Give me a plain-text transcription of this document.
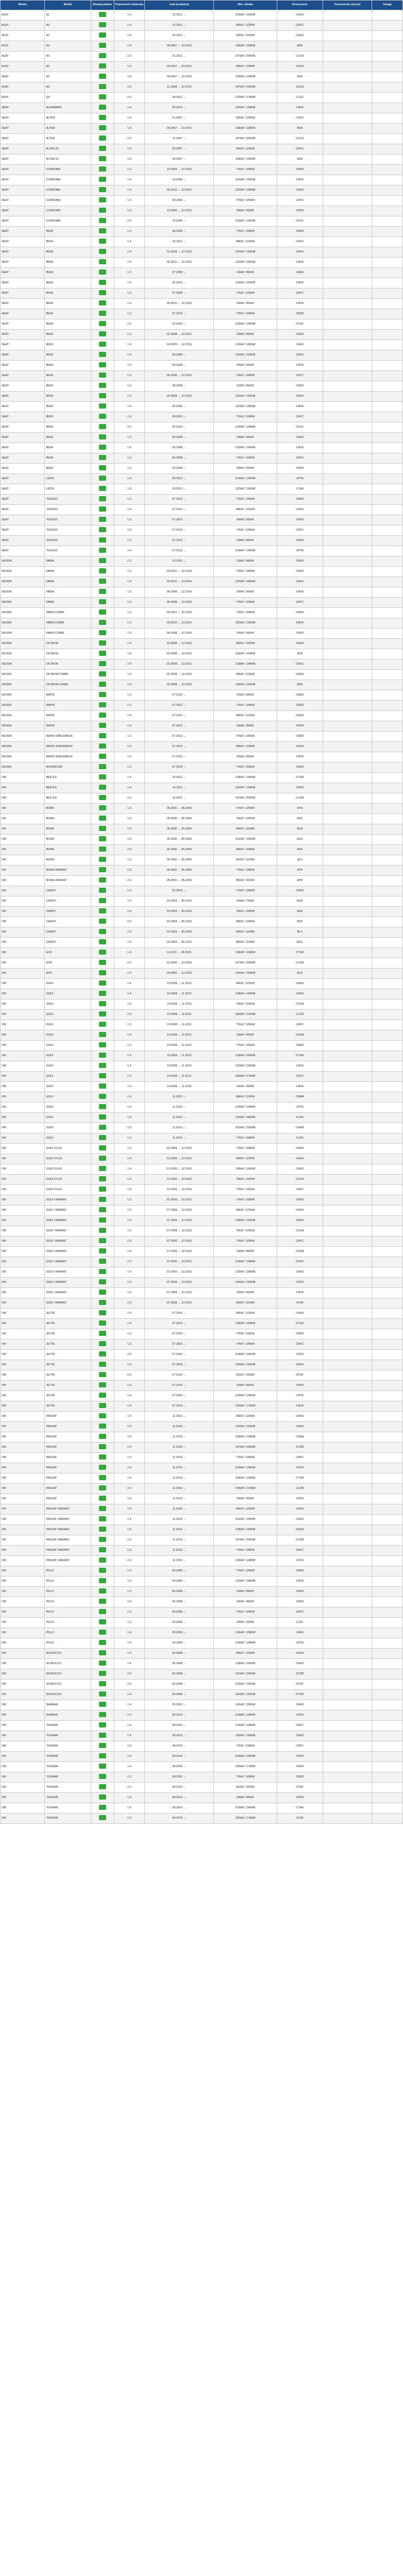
Marka	Model	Rodzaj paliwa	Pojemność skokowa	Lata produkcji	Moc silnika	Oznaczenie	Oznaczenie skrzyni	Uwagi
AUDI	A1		1.4	01.2011 →	119kW / 160KM	CAVG		
AUDI	A3		1.4	01.2011 →	90kW / 122KM	CAXC		
AUDI	A3		1.4	01.2011 →	92kW / 125KM	CAXA		
AUDI	A3		1.8	08.2007 → 12.2013	118kW / 160KM	BZB		
AUDI	A3		2.0	01.2011 →	147kW / 200KM	CCZA		
AUDI	A3		1.4	09.2007 → 03.2013	92kW / 125KM	CAXA		
AUDI	A3		1.8	08.2007 → 12.2013	118kW / 160KM	BZB		
AUDI	A3		2.0	11.2008 → 12.2013	147kW / 200KM	CCZA		
AUDI	Q3		2.0	06.2011 →	125kW / 170KM	CCZC		
SEAT	ALHAMBRA		1.4	06.2010 →	110kW / 150KM	CAVA		
SEAT	ALTEA		1.4	01.2007 →	92kW / 125KM	CAXC		
SEAT	ALTEA		1.8	09.2007 → 12.2015	118kW / 160KM	BZB		
SEAT	ALTEA		2.0	11.2007 →	147kW / 200KM	CCZA		
SEAT	ALTEA XL		1.4	06.2007 →	92kW / 125KM	CAXC		
SEAT	ALTEA XL		1.8	08.2007 →	118kW / 160KM	BZB		
SEAT	CORDOBA		1.2	10.2009 → 12.2013	77kW / 105KM	CBZB		
SEAT	CORDOBA		1.4	10.2009 →	110kW / 150KM	CAVE		
SEAT	CORDOBA		1.4	06.2010 → 12.2013	132kW / 180KM	CAVE		
SEAT	CORDOBA		1.6	08.2009 →	77kW / 105KM	CAYC		
SEAT	CORDOBA		1.6	10.2009 → 12.2013	66kW / 90KM	CAYB		
SEAT	CORDOBA		2.0	10.2009 →	103kW / 140KM	CFHC		
SEAT	IBIZA		1.2	08.2009 →	77kW / 105KM	CBZB		
SEAT	IBIZA		1.4	02.2011 →	90kW / 122KM	CAXC		
SEAT	IBIZA		1.4	01.2008 → 12.2013	110kW / 150KM	CAVE		
SEAT	IBIZA		1.4	06.2010 → 12.2015	132kW / 180KM	CAVE		
SEAT	IBIZA		1.2	07.2008 →	63kW / 86KM	CBZA		
SEAT	IBIZA		1.4	05.2010 →	110kW / 150KM	CAVE		
SEAT	IBIZA		1.6	07.2008 →	77kW / 105KM	CAYC		
SEAT	IBIZA		1.6	05.2010 → 12.2015	66kW / 90KM	CAYB		
SEAT	IBIZA		1.2	07.2010 →	77kW / 105KM	CBZB		
SEAT	IBIZA		2.0	02.2010 →	103kW / 140KM	CFHC		
SEAT	IBIZA		1.2	02.2008 → 12.2013	63kW / 86KM	CBZA		
SEAT	IBIZA		1.4	02.2009 → 12.2015	132kW / 180KM	CAVE		
SEAT	IBIZA		1.4	05.2009 →	110kW / 150KM	CAVE		
SEAT	IBIZA		1.6	06.2008 →	66kW / 90KM	CAYB		
SEAT	IBIZA		1.6	06.2008 → 12.2013	77kW / 105KM	CAYC		
SEAT	IBIZA		1.2	08.2009 →	63kW / 86KM	CBZA		
SEAT	IBIZA		1.4	02.2009 → 12.2015	110kW / 150KM	CAVE		
SEAT	IBIZA		1.4	05.2009 →	132kW / 180KM	CAVE		
SEAT	IBIZA		1.6	08.2010 →	77kW / 105KM	CAYC		
SEAT	IBIZA		2.0	05.2010 →	103kW / 140KM	CFHC		
SEAT	IBIZA		1.2	06.2008 →	63kW / 86KM	CBZA		
SEAT	IBIZA		1.4	06.2008 →	110kW / 150KM	CAVE		
SEAT	IBIZA		1.6	06.2008 →	77kW / 105KM	CAYC		
SEAT	IBIZA		1.6	06.2008 →	66kW / 90KM	CAYB		
SEAT	LEON		1.4	09.2012 →	103kW / 140KM	CPTA		
SEAT	LEON		1.8	09.2012 →	132kW / 180KM	CJSA		
SEAT	TOLEDO		1.2	07.2012 →	77kW / 105KM	CBZB		
SEAT	TOLEDO		1.4	07.2012 →	90kW / 122KM	CAXA		
SEAT	TOLEDO		1.6	07.2012 →	66kW / 90KM	CAYB		
SEAT	TOLEDO		1.6	07.2012 →	77kW / 105KM	CAYC		
SEAT	TOLEDO		1.2	07.2012 →	63kW / 86KM	CBZA		
SEAT	TOLEDO		1.4	07.2012 →	103kW / 140KM	CPTA		
SKODA	FABIA		1.2	10.2010 →	63kW / 86KM	CBZA		
SKODA	FABIA		1.2	03.2010 → 12.2014	77kW / 105KM	CBZB		
SKODA	FABIA		1.4	03.2010 → 12.2014	132kW / 180KM	CAVE		
SKODA	FABIA		1.6	04.2008 → 12.2014	66kW / 90KM	CAYB		
SKODA	FABIA		1.6	04.2008 → 12.2014	77kW / 105KM	CAYC		
SKODA	FABIA COMBI		1.2	03.2010 → 12.2014	77kW / 105KM	CBZB		
SKODA	FABIA COMBI		1.4	03.2010 → 12.2014	132kW / 180KM	CAVE		
SKODA	FABIA COMBI		1.6	04.2008 → 12.2014	66kW / 90KM	CAYB		
SKODA	OCTAVIA		1.4	02.2008 → 12.2013	90kW / 122KM	CAXA		
SKODA	OCTAVIA		1.8	02.2008 → 12.2013	118kW / 160KM	BZB		
SKODA	OCTAVIA		2.0	02.2008 → 12.2013	103kW / 140KM	CFHC		
SKODA	OCTAVIA COMBI		1.4	02.2008 → 12.2013	90kW / 122KM	CAXA		
SKODA	OCTAVIA COMBI		1.8	02.2008 → 12.2013	118kW / 160KM	BZB		
SKODA	RAPID		1.2	07.2012 →	63kW / 86KM	CBZA		
SKODA	RAPID		1.2	07.2012 →	77kW / 105KM	CBZB		
SKODA	RAPID		1.4	07.2012 →	90kW / 122KM	CAXA		
SKODA	RAPID		1.6	07.2012 →	66kW / 90KM	CAYB		
SKODA	RAPID SPACEBACK		1.2	07.2012 →	77kW / 105KM	CBZB		
SKODA	RAPID SPACEBACK		1.4	07.2012 →	90kW / 122KM	CAXA		
SKODA	RAPID SPACEBACK		1.6	07.2012 →	66kW / 90KM	CAYB		
SKODA	ROOMSTER		1.2	07.2010 →	77kW / 105KM	CBZB		
VW	BEETLE		1.4	10.2011 →	118kW / 160KM	CTHD		
VW	BEETLE		1.4	10.2011 →	110kW / 150KM	CAVD		
VW	BEETLE		2.0	10.2011 →	147kW / 200KM	CCZB		
VW	BORA		1.6	05.2000 → 05.2005	77kW / 105KM	ATN		
VW	BORA		1.6	05.2000 → 05.2005	74kW / 100KM	AZD		
VW	BORA		1.6	05.2000 → 05.2005	85kW / 115KM	BCB		
VW	BORA		1.8	05.2000 → 05.2005	110kW / 150KM	AGU		
VW	BORA		2.0	05.2000 → 05.2005	85kW / 115KM	APK		
VW	BORA		1.6	05.2000 → 05.2005	81kW / 110KM	AZJ		
VW	BORA VARIANT		1.6	05.2000 → 05.2005	77kW / 105KM	ATN		
VW	BORA VARIANT		2.0	05.2000 → 05.2005	85kW / 115KM	APK		
VW	CADDY		1.2	02.2010 →	77kW / 105KM	CBZB		
VW	CADDY		1.4	02.2004 → 05.2010	55kW / 75KM	BUD		
VW	CADDY		1.6	02.2004 → 05.2010	75kW / 102KM	BSE		
VW	CADDY		2.0	02.2004 → 05.2010	80kW / 109KM	BSX		
VW	CADDY		2.0	02.2004 → 05.2010	85kW / 115KM	BLX		
VW	CADDY		1.6	02.2004 → 05.2010	85kW / 115KM	BGU		
VW	EOS		1.4	11.2011 → 05.2015	118kW / 160KM	CTHD		
VW	EOS		2.0	03.2006 → 12.2015	147kW / 200KM	CCZB		
VW	EOS		2.0	03.2006 → 12.2015	110kW / 150KM	BLR		
VW	GOLF		1.4	10.2008 → 11.2012	90kW / 122KM	CAXA		
VW	GOLF		1.4	10.2008 → 11.2012	118kW / 160KM	CAVD		
VW	GOLF		1.6	10.2008 → 11.2012	75kW / 102KM	CCSA		
VW	GOLF		2.0	10.2008 → 11.2012	155kW / 210KM	CCZB		
VW	GOLF		1.6	10.2008 → 11.2012	77kW / 105KM	CAYC		
VW	GOLF		1.4	10.2008 → 11.2012	59kW / 80KM	CGGA		
VW	GOLF		1.2	10.2008 → 11.2012	77kW / 105KM	CBZB		
VW	GOLF		1.4	10.2008 → 11.2012	118kW / 160KM	CTHD		
VW	GOLF		1.4	10.2008 → 11.2012	132kW / 180KM	CAVE		
VW	GOLF		2.0	10.2008 → 11.2012	199kW / 270KM	CDLF		
VW	GOLF		1.6	10.2008 → 11.2012	66kW / 90KM	CAYB		
VW	GOLF		1.4	11.2012 →	90kW / 122KM	CMBA		
VW	GOLF		1.4	11.2012 →	103kW / 140KM	CPTA		
VW	GOLF		1.8	11.2012 →	132kW / 180KM	CJSA		
VW	GOLF		2.0	11.2012 →	162kW / 220KM	CHHB		
VW	GOLF		1.2	11.2012 →	77kW / 105KM	CJZA		
VW	GOLF PLUS		1.2	01.2009 → 12.2013	77kW / 105KM	CBZB		
VW	GOLF PLUS		1.4	01.2009 → 12.2013	90kW / 122KM	CAXA		
VW	GOLF PLUS		1.4	01.2009 → 12.2013	118kW / 160KM	CAVD		
VW	GOLF PLUS		1.6	01.2009 → 12.2013	75kW / 102KM	CCSA		
VW	GOLF PLUS		1.6	01.2009 → 12.2013	77kW / 105KM	CAYC		
VW	GOLF VARIANT		1.2	07.2009 → 12.2013	77kW / 105KM	CBZB		
VW	GOLF VARIANT		1.4	07.2009 → 12.2013	90kW / 122KM	CAXA		
VW	GOLF VARIANT		1.4	07.2009 → 12.2013	118kW / 160KM	CAVD		
VW	GOLF VARIANT		1.6	07.2009 → 12.2013	75kW / 102KM	CCSA		
VW	GOLF VARIANT		1.6	07.2009 → 12.2013	77kW / 105KM	CAYC		
VW	GOLF VARIANT		1.4	07.2009 → 12.2013	59kW / 80KM	CGGA		
VW	GOLF VARIANT		2.0	07.2009 → 12.2013	103kW / 140KM	CFHC		
VW	GOLF VARIANT		1.4	07.2009 → 12.2013	132kW / 180KM	CAVE		
VW	GOLF VARIANT		1.4	07.2009 → 12.2013	110kW / 150KM	CAVD		
VW	GOLF VARIANT		1.6	07.2009 → 12.2013	66kW / 90KM	CAYB		
VW	GOLF VARIANT		2.0	07.2009 → 12.2013	81kW / 110KM	CFHF		
VW	JETTA		1.4	07.2010 →	90kW / 122KM	CAXA		
VW	JETTA		1.4	07.2010 →	118kW / 160KM	CTHD		
VW	JETTA		1.2	07.2010 →	77kW / 105KM	CBZB		
VW	JETTA		1.6	07.2010 →	77kW / 105KM	CAYC		
VW	JETTA		2.0	07.2010 →	103kW / 140KM	CFFB		
VW	JETTA		1.4	07.2010 →	110kW / 150KM	CAVD		
VW	JETTA		2.0	07.2010 →	81kW / 110KM	CFHF		
VW	JETTA		1.6	07.2010 →	66kW / 90KM	CAYB		
VW	JETTA		1.4	07.2010 →	103kW / 140KM	CPTA		
VW	JETTA		1.4	07.2010 →	125kW / 170KM	CNLA		
VW	PASSAT		1.4	11.2010 →	90kW / 122KM	CAXA		
VW	PASSAT		1.4	11.2010 →	110kW / 150KM	CAVD		
VW	PASSAT		1.8	11.2010 →	118kW / 160KM	CDAA		
VW	PASSAT		2.0	11.2010 →	147kW / 200KM	CCZB		
VW	PASSAT		1.6	11.2010 →	77kW / 105KM	CAYC		
VW	PASSAT		2.0	11.2010 →	103kW / 140KM	CFFB		
VW	PASSAT		1.4	11.2010 →	118kW / 160KM	CTHD		
VW	PASSAT		2.0	11.2010 →	155kW / 210KM	CCZB		
VW	PASSAT		1.6	11.2010 →	66kW / 90KM	CAYB		
VW	PASSAT VARIANT		1.4	11.2010 →	90kW / 122KM	CAXA		
VW	PASSAT VARIANT		1.4	11.2010 →	110kW / 150KM	CAVD		
VW	PASSAT VARIANT		1.8	11.2010 →	118kW / 160KM	CDAA		
VW	PASSAT VARIANT		2.0	11.2010 →	147kW / 200KM	CCZB		
VW	PASSAT VARIANT		1.6	11.2010 →	77kW / 105KM	CAYC		
VW	PASSAT VARIANT		2.0	11.2010 →	103kW / 140KM	CFFB		
VW	POLO		1.2	06.2009 →	77kW / 105KM	CBZB		
VW	POLO		1.4	06.2009 →	132kW / 180KM	CAVE		
VW	POLO		1.2	06.2009 →	63kW / 86KM	CBZA		
VW	POLO		1.6	06.2009 →	66kW / 90KM	CAYB		
VW	POLO		1.6	06.2009 →	77kW / 105KM	CAYC		
VW	POLO		1.2	06.2009 →	66kW / 90KM	CJZC		
VW	POLO		1.4	06.2009 →	110kW / 150KM	CAVE		
VW	POLO		1.4	06.2009 →	103kW / 140KM	CPTA		
VW	SCIROCCO		1.4	05.2008 →	90kW / 122KM	CAXA		
VW	SCIROCCO		1.4	05.2008 →	118kW / 160KM	CAVD		
VW	SCIROCCO		2.0	05.2008 →	147kW / 200KM	CCZB		
VW	SCIROCCO		2.0	05.2008 →	103kW / 140KM	CFHC		
VW	SCIROCCO		1.4	05.2008 →	110kW / 150KM	CTHD		
VW	SHARAN		1.4	05.2010 →	110kW / 150KM	CAVA		
VW	SHARAN		2.0	05.2010 →	103kW / 140KM	CFFB		
VW	TOURAN		1.4	08.2010 →	103kW / 140KM	CAVC		
VW	TOURAN		1.4	08.2010 →	110kW / 150KM	CAVD		
VW	TOURAN		1.6	08.2010 →	77kW / 105KM	CAYC		
VW	TOURAN		2.0	08.2010 →	103kW / 140KM	CFFB		
VW	TOURAN		1.4	08.2010 →	125kW / 170KM	CAVB		
VW	TOURAN		1.2	08.2010 →	77kW / 105KM	CBZB		
VW	TOURAN		2.0	08.2010 →	81kW / 110KM	CFHF		
VW	TOURAN		1.6	08.2010 →	66kW / 90KM	CAYB		
VW	TOURAN		1.4	08.2010 →	103kW / 140KM	CTHE		
VW	TOURAN		2.0	08.2010 →	125kW / 170KM	CFJA		
